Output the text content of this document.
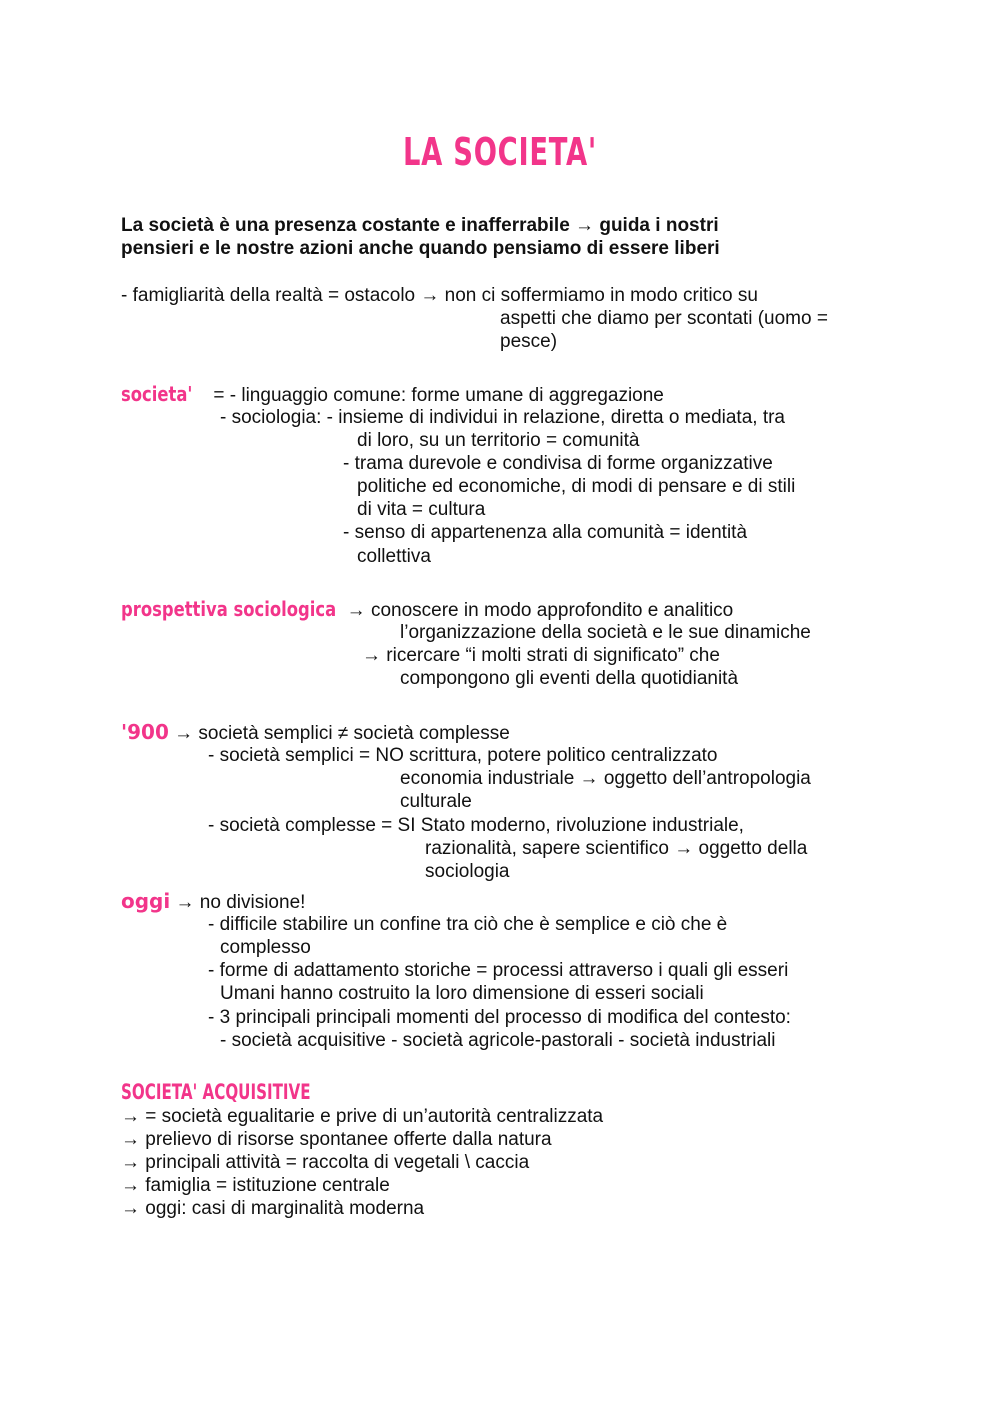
LA SOCIETA'
La società è una presenza costante e inafferrabile → guida i nostri
pensieri e le nostre azioni anche quando pensiamo di essere liberi
- famigliarità della realtà = ostacolo → non ci soffermiamo in modo critico su
aspetti che diamo per scontati (uomo =
pesce)
societa' = - linguaggio comune: forme umane di aggregazione
- sociologia: - insieme di individui in relazione, diretta o mediata, tra
di loro, su un territorio = comunità
- trama durevole e condivisa di forme organizzative
politiche ed economiche, di modi di pensare e di stili
di vita = cultura
- senso di appartenenza alla comunità = identità
collettiva
prospettiva sociologica → conoscere in modo approfondito e analitico
l’organizzazione della società e le sue dinamiche
→ ricercare “i molti strati di significato” che
compongono gli eventi della quotidianità
'900 → società semplici ≠ società complesse
- società semplici = NO scrittura, potere politico centralizzato
economia industriale → oggetto dell’antropologia
culturale
- società complesse = SI Stato moderno, rivoluzione industriale,
razionalità, sapere scientifico → oggetto della
sociologia
oggi → no divisione!
- difficile stabilire un confine tra ciò che è semplice e ciò che è
complesso
- forme di adattamento storiche = processi attraverso i quali gli esseri
Umani hanno costruito la loro dimensione di esseri sociali
- 3 principali principali momenti del processo di modifica del contesto:
- società acquisitive - società agricole-pastorali - società industriali
SOCIETA' ACQUISITIVE
→ = società egualitarie e prive di un’autorità centralizzata
→ prelievo di risorse spontanee offerte dalla natura
→ principali attività = raccolta di vegetali \ caccia
→ famiglia = istituzione centrale
→ oggi: casi di marginalità moderna
